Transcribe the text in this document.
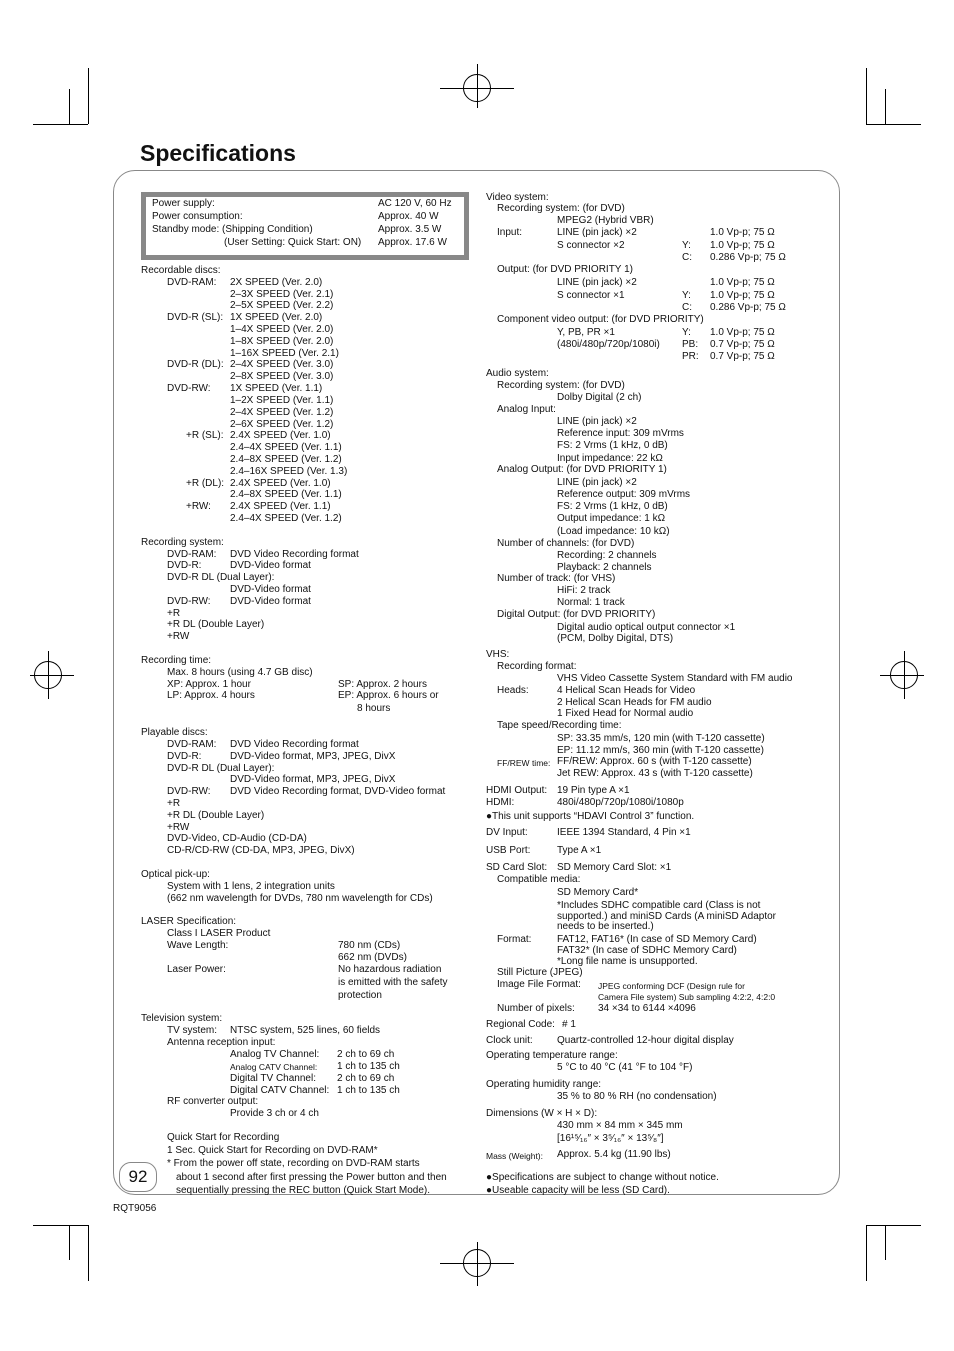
Specifications
92
RQT9056
Power supply:	AC 120 V, 60 Hz
Power consumption:	Approx. 40 W
Standby mode: (Shipping Condition)	Approx. 3.5 W
(User Setting: Quick Start: ON) Approx. 17.6 W
Recordable discs:
DVD-RAM: 2X SPEED (Ver. 2.0)
2–3X SPEED (Ver. 2.1)
2–5X SPEED (Ver. 2.2)
DVD-R (SL): 1X SPEED (Ver. 2.0)
1–4X SPEED (Ver. 2.0)
1–8X SPEED (Ver. 2.0)
1–16X SPEED (Ver. 2.1)
DVD-R (DL): 2–4X SPEED (Ver. 3.0)
2–8X SPEED (Ver. 3.0)
DVD-RW: 1X SPEED (Ver. 1.1)
1–2X SPEED (Ver. 1.1)
2–4X SPEED (Ver. 1.2)
2–6X SPEED (Ver. 1.2)
+R (SL): 2.4X SPEED (Ver. 1.0)
2.4–4X SPEED (Ver. 1.1)
2.4–8X SPEED (Ver. 1.2)
2.4–16X SPEED (Ver. 1.3)
+R (DL): 2.4X SPEED (Ver. 1.0)
2.4–8X SPEED (Ver. 1.1)
+RW: 2.4X SPEED (Ver. 1.1)
2.4–4X SPEED (Ver. 1.2)
Recording system:
DVD-RAM: DVD Video Recording format
DVD-R:	DVD-Video format
DVD-R DL (Dual Layer):
DVD-Video format
DVD-RW: DVD-Video format
+R
+R DL (Double Layer)
+RW
Recording time:
Max. 8 hours (using 4.7 GB disc)
XP: Approx. 1 hour	SP: Approx. 2 hours
LP: Approx. 4 hours	EP: Approx. 6 hours or
8 hours
Playable discs:
DVD-RAM: DVD Video Recording format
DVD-R:	DVD-Video format, MP3, JPEG, DivX
DVD-R DL (Dual Layer):
DVD-Video format, MP3, JPEG, DivX
DVD-RW: DVD Video Recording format, DVD-Video format
+R
+R DL (Double Layer)
+RW
DVD-Video, CD-Audio (CD-DA)
CD-R/CD-RW (CD-DA, MP3, JPEG, DivX)
Optical pick-up:
System with 1 lens, 2 integration units
(662 nm wavelength for DVDs, 780 nm wavelength for CDs)
LASER Specification:
Class I LASER Product
Wave Length:	780 nm (CDs)
662 nm (DVDs)
Laser Power:	No hazardous radiation
is emitted with the safety
protection
Television system:
TV system: NTSC system, 525 lines, 60 fields
Antenna reception input:
Analog TV Channel: 2 ch to 69 ch
Analog CATV Channel: 1 ch to 135 ch
Digital TV Channel: 2 ch to 69 ch
Digital CATV Channel: 1 ch to 135 ch
RF converter output:
Provide 3 ch or 4 ch
Quick Start for Recording
1 Sec. Quick Start for Recording on DVD-RAM*
* From the power off state, recording on DVD-RAM starts
about 1 second after first pressing the Power button and then
sequentially pressing the REC button (Quick Start Mode).
Video system:
Recording system: (for DVD)
MPEG2 (Hybrid VBR)
Input:	LINE (pin jack) ×2	1.0 Vp-p; 75 Ω
S connector ×2	Y: 1.0 Vp-p; 75 Ω
C: 0.286 Vp-p; 75 Ω
Output: (for DVD PRIORITY 1)
LINE (pin jack) ×2	1.0 Vp-p; 75 Ω
S connector ×1	Y: 1.0 Vp-p; 75 Ω
C: 0.286 Vp-p; 75 Ω
Component video output: (for DVD PRIORITY)
Y, PB, PR ×1	Y: 1.0 Vp-p; 75 Ω
(480i/480p/720p/1080i) PB: 0.7 Vp-p; 75 Ω
PR: 0.7 Vp-p; 75 Ω
Audio system:
Recording system: (for DVD)
Dolby Digital (2 ch)
Analog Input:
LINE (pin jack) ×2
Reference input: 309 mVrms
FS: 2 Vrms (1 kHz, 0 dB)
Input impedance: 22 kΩ
Analog Output: (for DVD PRIORITY 1)
LINE (pin jack) ×2
Reference output: 309 mVrms
FS: 2 Vrms (1 kHz, 0 dB)
Output impedance: 1 kΩ
(Load impedance: 10 kΩ)
Number of channels: (for DVD)
Recording: 2 channels
Playback: 2 channels
Number of track: (for VHS)
HiFi: 2 track
Normal: 1 track
Digital Output: (for DVD PRIORITY)
Digital audio optical output connector ×1
(PCM, Dolby Digital, DTS)
VHS:
Recording format:
VHS Video Cassette System Standard with FM audio
Heads:	4 Helical Scan Heads for Video
2 Helical Scan Heads for FM audio
1 Fixed Head for Normal audio
Tape speed/Recording time:
SP: 33.35 mm/s, 120 min (with T-120 cassette)
EP: 11.12 mm/s, 360 min (with T-120 cassette)
FF/REW time: FF/REW: Approx. 60 s (with T-120 cassette)
Jet REW: Approx. 43 s (with T-120 cassette)
HDMI Output: 19 Pin type A ×1
HDMI:	480i/480p/720p/1080i/1080p
●This unit supports “HDAVI Control 3” function.
DV Input:	IEEE 1394 Standard, 4 Pin ×1
USB Port:	Type A ×1
SD Card Slot: SD Memory Card Slot: ×1
Compatible media:
SD Memory Card*
*Includes SDHC compatible card (Class is not
supported.) and miniSD Cards (A miniSD Adaptor
needs to be inserted.)
Format:	FAT12, FAT16* (In case of SD Memory Card)
FAT32* (In case of SDHC Memory Card)
*Long file name is unsupported.
Still Picture (JPEG)
Image File Format: JPEG conforming DCF (Design rule for
Camera File system) Sub sampling 4:2:2, 4:2:0
Number of pixels: 34 ×34 to 6144 ×4096
Regional Code: # 1
Clock unit: Quartz-controlled 12-hour digital display
Operating temperature range:
5 °C to 40 °C (41 °F to 104 °F)
Operating humidity range:
35 % to 80 % RH (no condensation)
Dimensions (W × H × D):
430 mm × 84 mm × 345 mm
[16¹⁵⁄₁₆″ × 3⁵⁄₁₆″ × 13⁵⁄₈″]
Mass (Weight): Approx. 5.4 kg (11.90 lbs)
●Specifications are subject to change without notice.
●Useable capacity will be less (SD Card).
